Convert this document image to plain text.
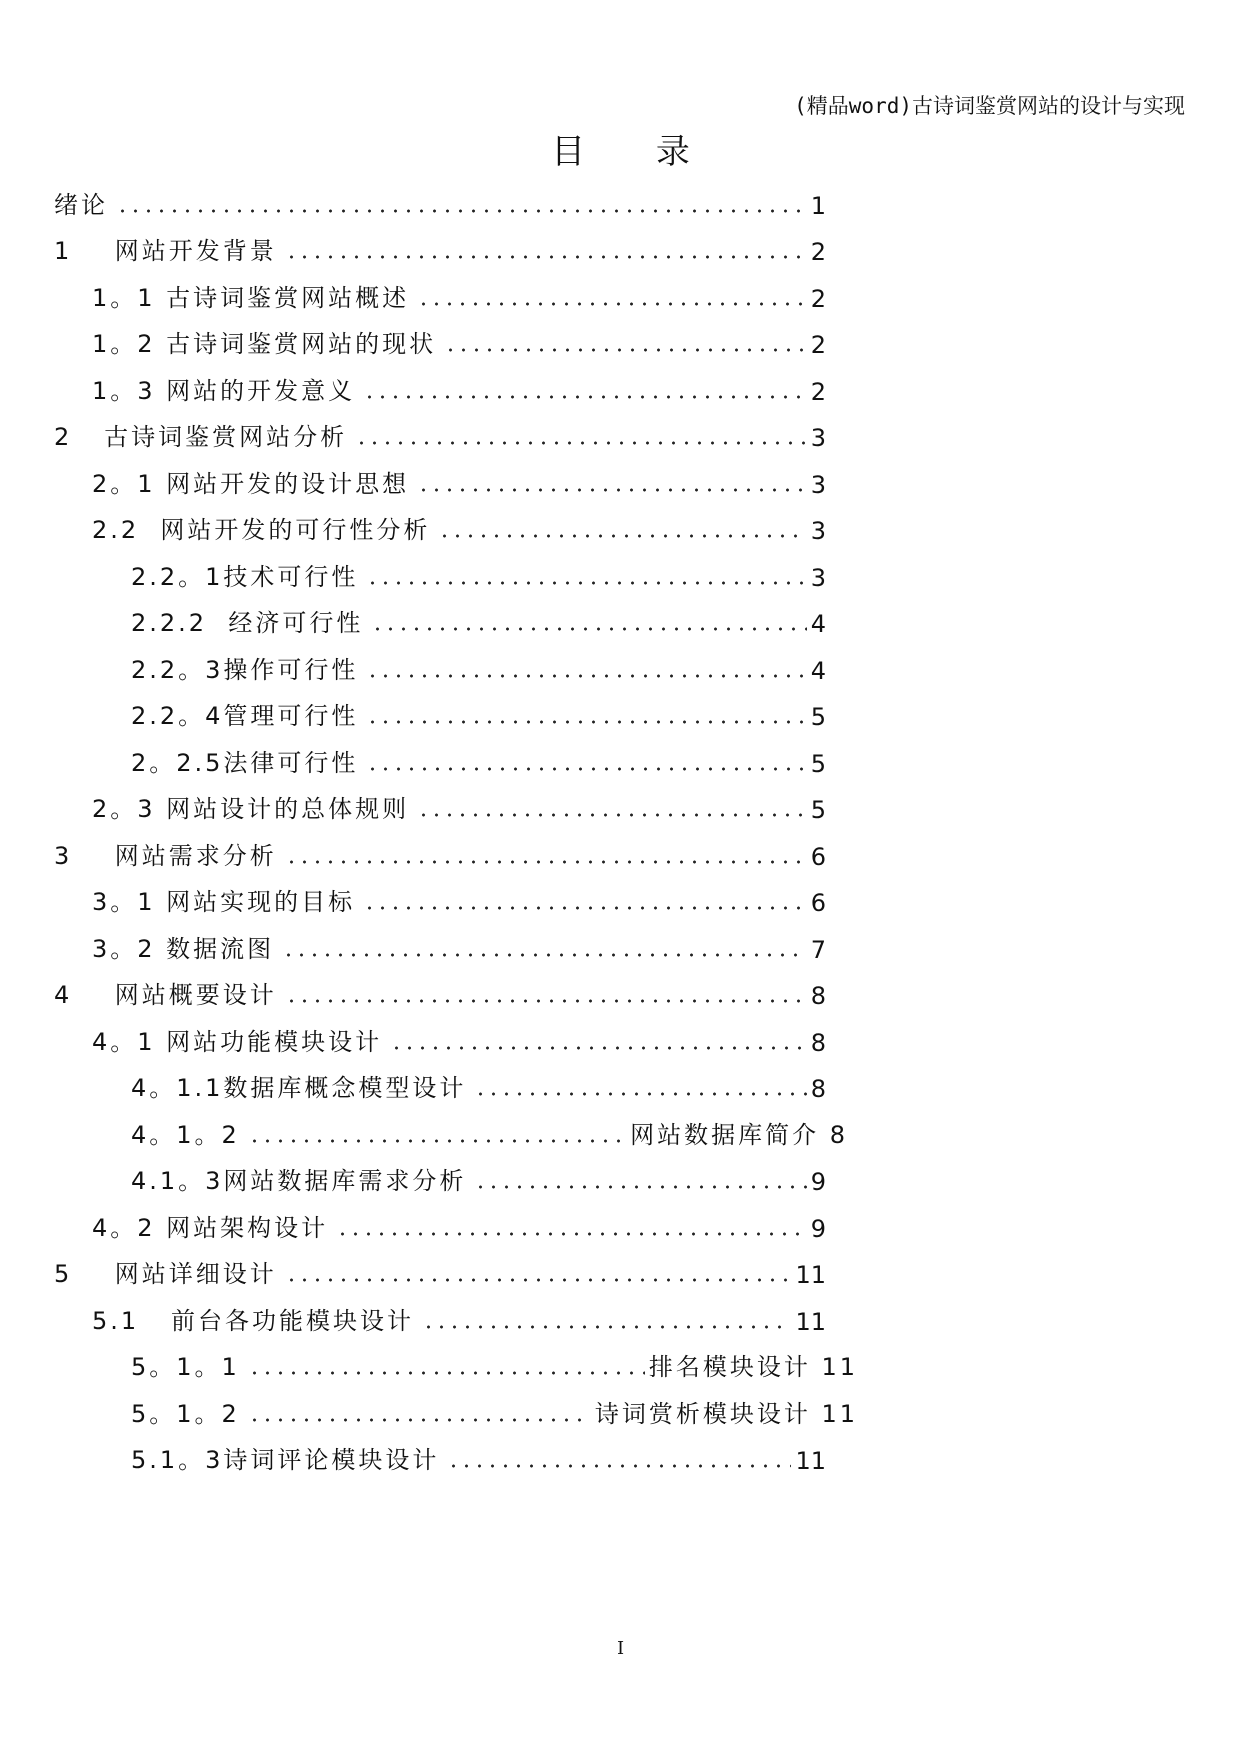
(精品word)古诗词鉴赏网站的设计与实现
目 录
绪论	1
1    网站开发背景	2
1。1 古诗词鉴赏网站概述	2
1。2 古诗词鉴赏网站的现状	2
1。3 网站的开发意义	2
2   古诗词鉴赏网站分析	3
2。1 网站开发的设计思想	3
2.2  网站开发的可行性分析	3
2.2。1技术可行性	3
2.2.2  经济可行性	4
2.2。3操作可行性	4
2.2。4管理可行性	5
2。2.5法律可行性	5
2。3 网站设计的总体规则	5
3    网站需求分析	6
3。1 网站实现的目标	6
3。2 数据流图	7
4    网站概要设计	8
4。1 网站功能模块设计	8
4。1.1数据库概念模型设计	8
4。1。2	网站数据库简介 8
4.1。3网站数据库需求分析	9
4。2 网站架构设计	9
5    网站详细设计	11
5.1   前台各功能模块设计	11
5。1。1	排名模块设计 11
5。1。2	诗词赏析模块设计 11
5.1。3诗词评论模块设计	11
I
